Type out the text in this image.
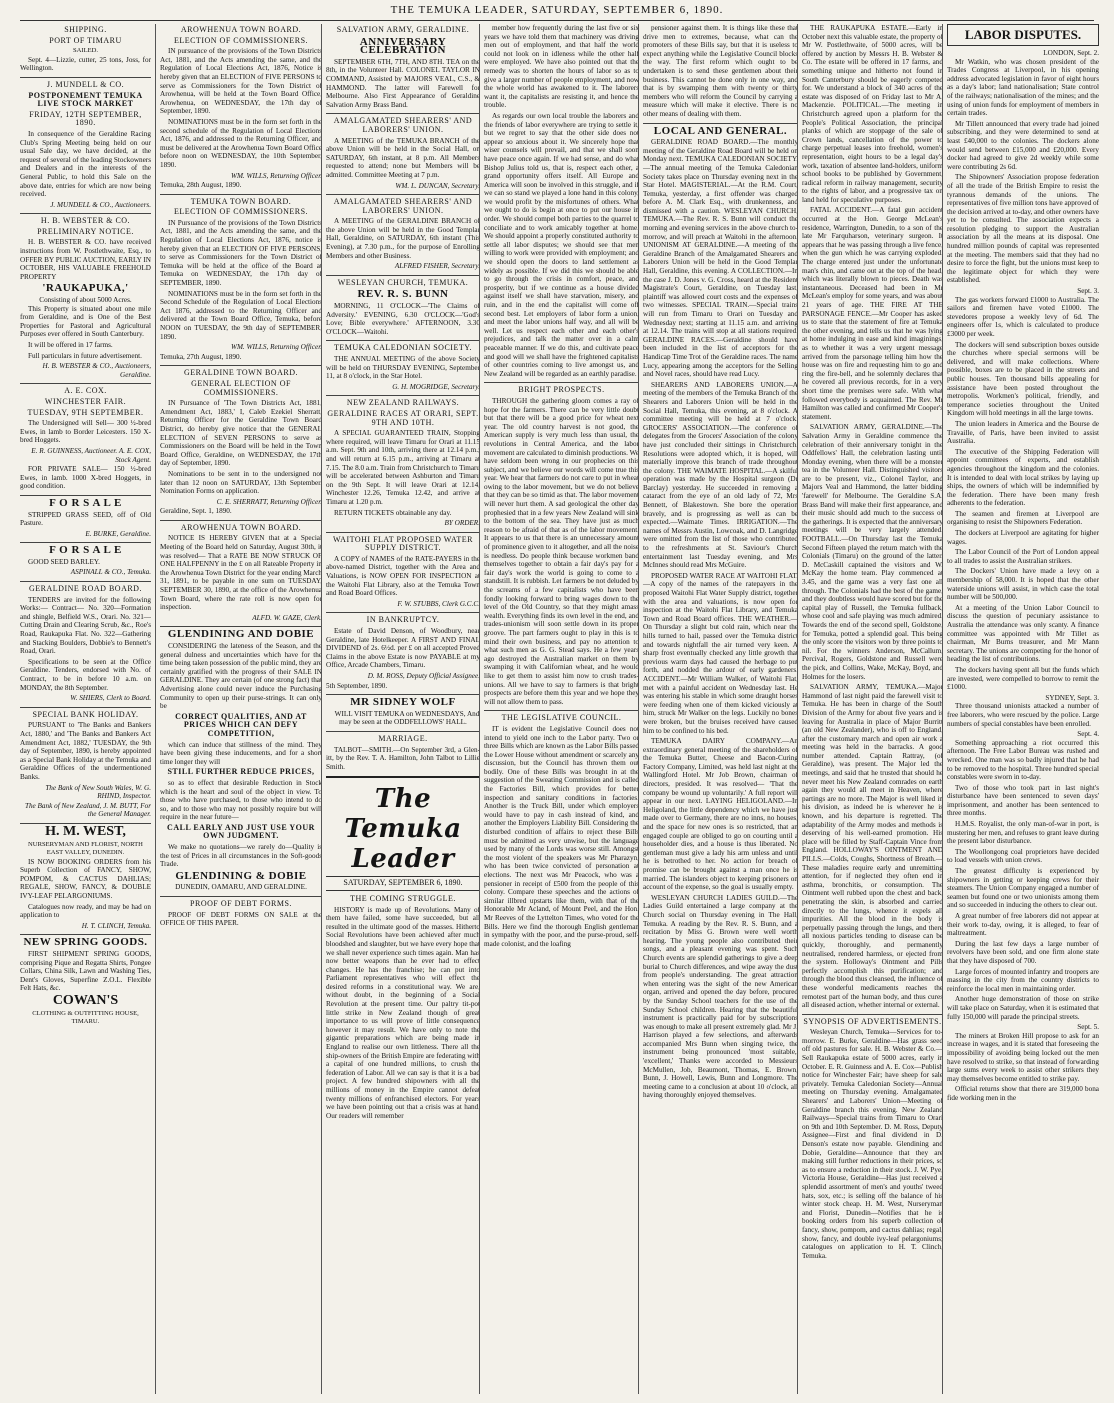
THE TEMUKA LEADER, SATURDAY, SEPTEMBER 6, 1890.
SHIPPING.
PORT OF TIMARU
SAILED.

Sept. 4—Lizzie, cutter, 25 tons, Joss, for Wellington.

J. MUNDELL & CO.
POSTPONEMENT TEMUKA LIVE STOCK MARKET
FRIDAY, 12TH SEPTEMBER, 1890.

In consequence of the Geraldine Racing Club's Spring Meeting being held on our usual Sale day, we have decided, at the request of several of the leading Stockowners and Dealers and in the interests of the General Public, to hold this Sale on the above date, entries for which are now being received.

J. MUNDELL & CO., Auctioneers.
H. B. WEBSTER & CO.
PRELIMINARY NOTICE.

H. B. WEBSTER & CO. have received instructions from W. Postlethwaite, Esq., to OFFER BY PUBLIC AUCTION, EARLY IN OCTOBER, HIS VALUABLE FREEHOLD PROPERTY

'RAUKAPUKA,'
Consisting of about 5000 Acres.

This Property is situated about one mile from Geraldine, and is One of the Best Properties for Pastoral and Agricultural Purposes ever offered in South Canterbury.

It will be offered in 17 farms.

Full particulars in future advertisement.

H. B. WEBSTER & CO., Auctioneers, Geraldine.
A. E. COX.
WINCHESTER FAIR.
TUESDAY, 9TH SEPTEMBER.

The Undersigned will Sell— 300 ½-bred Ewes, in lamb to Border Leicesters. 150 X-bred Hoggets.

E. R. GUINNESS, Auctioneer. A. E. COX, Stock Agent.

FOR PRIVATE SALE— 150 ½-bred Ewes, in lamb. 1000 X-bred Hoggets, in good condition.

F O R S A L E

STRIPPED GRASS SEED, off of Old Pasture.

E. BURKE, Geraldine.
F O R S A L E

GOOD SEED BARLEY.

ASPINALL & CO., Temuka.
GERALDINE ROAD BOARD.

TENDERS are invited for the following Works:— Contract— No. 320—Formation and shingle, Belfield W.S., Orari. No. 321—Cutting Drain and Clearing Scrub, &c., Roe's Road, Raukapuka Flat. No. 322—Gathering and Stacking Boulders, Dobbie's to Bennett's Road, Orari.

Specifications to be seen at the Office Geraldine. Tenders, endorsed with No. of Contract, to be in before 10 a.m. on MONDAY, the 8th September.

W. SHIERS, Clerk to Board.
SPECIAL BANK HOLIDAY.

PURSUANT to 'The Banks and Bankers Act, 1880,' and 'The Banks and Bankers Act Amendment Act, 1882,' TUESDAY, the 9th day of September, 1890, is hereby appointed as a Special Bank Holiday at the Temuka and Geraldine Offices of the undermentioned Banks.

The Bank of New South Wales, W. G. RHIND, Inspector.
The Bank of New Zealand, J. M. BUTT, For the General Manager.
H. M. WEST,
NURSERYMAN AND FLORIST, NORTH EAST VALLEY, DUNEDIN.

IS NOW BOOKING ORDERS from his Superb Collection of FANCY, SHOW, POMPOM, & CACTUS DAHLIAS; REGALE, SHOW, FANCY, & DOUBLE IVY-LEAF PELARGONIUMS.

Catalogues now ready, and may be had on application to

H. T. CLINCH, Temuka.
NEW SPRING GOODS.

FIRST SHIPMENT SPRING GOODS, comprising Pique and Regatta Shirts, Pongee Collars, China Silk, Lawn and Washing Ties, Dent's Gloves, Superfine Z.O.L. Flexible Felt Hats, &c.

COWAN'S
CLOTHING & OUTFITTING HOUSE, TIMARU.
AROWHENUA TOWN BOARD.
ELECTION OF COMMISSIONERS.

IN pursuance of the provisions of the Town Districts Act, 1881, and the Acts amending the same, and the Regulation of Local Elections Act, 1876, Notice is hereby given that an ELECTION of FIVE PERSONS to serve as Commissioners for the Town District of Arowhenua, will be held at the Town Board Office, Arowhenua, on WEDNESDAY, the 17th day of September, 1890.

NOMINATIONS must be in the form set forth in the second schedule of the Regulation of Local Elections Act, 1876, and addressed to the Returning Officer, and must be delivered at the Arowhenua Town Board Office before noon on WEDNESDAY, the 10th September, 1890.

WM. WILLS, Returning Officer.
Temuka, 28th August, 1890.
TEMUKA TOWN BOARD.
ELECTION OF COMMISSIONERS.

IN Pursuance of the provisions of the Town Districts Act, 1881, and the Acts amending the same, and the Regulation of Local Elections Act, 1876, notice is hereby given that an ELECTION OF FIVE PERSONS, to serve as Commissioners for the Town District of Temuka will be held at the office of the Board at Temuka on WEDNESDAY, the 17th day of SEPTEMBER, 1890.

NOMINATIONS must be in the form set forth in the Second Schedule of the Regulation of Local Elections Act 1876, addressed to the Returning Officer and delivered at the Town Board Office, Temuka, before NOON on TUESDAY, the 9th day of SEPTEMBER, 1890.

WM. WILLS, Returning Officer.
Temuka, 27th August, 1890.
GERALDINE TOWN BOARD.
GENERAL ELECTION OF COMMISSIONERS.

IN Pursuance of 'The Town Districts Act, 1881, Amendment Act, 1883,' I, Caleb Ezekiel Sherratt, Returning Officer for the Geraldine Town Board District, do hereby give notice that the GENERAL ELECTION of SEVEN PERSONS to serve as Commissioners on the Board will be held in the Town Board Office, Geraldine, on WEDNESDAY, the 17th day of September, 1890.

Nominations to be sent in to the undersigned not later than 12 noon on SATURDAY, 13th September. Nomination Forms on application.

C. E. SHERRATT, Returning Officer.
Geraldine, Sept. 1, 1890.
AROWHENUA TOWN BOARD.

NOTICE IS HEREBY GIVEN that at a Special Meeting of the Board held on Saturday, August 30th, it was resolved— That a RATE BE NOW STRUCK OF ONE HALFPENNY in the £ on all Rateable Property in the Arowhenua Town District for the year ending March 31, 1891, to be payable in one sum on TUESDAY, SEPTEMBER 30, 1890, at the office of the Arowhenua Town Board, where the rate roll is now open for inspection.

ALFD. W. GAZE, Clerk.
GLENDINING AND DOBIE

CONSIDERING the lateness of the Season, and the general dulness and uncertainties which have for the time being taken possession of the public mind, they are certainly gratified with the progress of their SALE IN GERALDINE. They are certain (of one strong fact) that Advertising alone could never induce the Purchasing Community to open up their purse-strings. It can only be

CORRECT QUALITIES, AND AT PRICES WHICH CAN DEFY COMPETITION,

which can induce that stillness of the mind. They have been giving these inducements, and for a short time longer they will

STILL FURTHER REDUCE PRICES,

so as to effect that desirable Reduction in Stock which is the heart and soul of the object in view. To those who have purchased, to those who intend to do so, and to those who may not possibly require but will require in the near future—

CALL EARLY AND JUST USE YOUR OWN JUDGMENT.

We make no quotations—we rarely do—Quality is the test of Prices in all circumstances in the Soft-goods Trade.

GLENDINING & DOBIE
DUNEDIN, OAMARU, AND GERALDINE.
PROOF OF DEBT FORMS.

PROOF OF DEBT FORMS ON SALE at the OFFICE OF THIS PAPER.

SALVATION ARMY, GERALDINE.
ANNIVERSARY CELEBRATION

SEPTEMBER 6TH, 7TH, AND 8TH. TEA on the 8th, in the Volunteer Hall. COLONEL TAYLOR IN COMMAND, Assisted by MAJORS VEAL, C.S., & HAMMOND. The latter will Farewell for Melbourne. Also First Appearance of Geraldine Salvation Army Brass Band.

AMALGAMATED SHEARERS' AND LABORERS' UNION.

A MEETING of the TEMUKA BRANCH of the above Union will be held in the Social Hall, on SATURDAY, 6th instant, at 8 p.m. All Members requested to attend; none but Members will be admitted. Committee Meeting at 7 p.m.

WM. L. DUNCAN, Secretary.
AMALGAMATED SHEARERS' AND LABORERS' UNION.

A MEETING of the GERALDINE BRANCH of the above Union will be held in the Good Templar Hall, Geraldine, on SATURDAY, 6th instant (This Evening), at 7.30 p.m., for the purpose of Enrolling Members and other Business.

ALFRED FISHER, Secretary.
WESLEYAN CHURCH, TEMUKA.
REV. R. S. BUNN

MORNING, 11 O'CLOCK—'The Claims of Adversity.' EVENING, 6.30 O'CLOCK—'God's Love; Bible everywhere.' AFTERNOON, 3.30 O'CLOCK—Waitohi.

TEMUKA CALEDONIAN SOCIETY.

THE ANNUAL MEETING of the above Society will be held on THURSDAY EVENING, September 11, at 8 o'clock, in the Star Hotel.

G. H. MOGRIDGE, Secretary.
NEW ZEALAND RAILWAYS.
GERALDINE RACES AT ORARI, SEPT. 9TH AND 10TH.

A SPECIAL GUARANTEED TRAIN, Stopping where required, will leave Timaru for Orari at 11.15 a.m. Sept. 9th and 10th, arriving there at 12.14 p.m.; and will return at 6.15 p.m., arriving at Timaru at 7.15. The 8.0 a.m. Train from Christchurch to Timaru will be accelerated between Ashburton and Timaru on the 9th Sept. It will leave Orari at 12.14, Winchester 12.26, Temuka 12.42, and arrive at Timaru at 1.20 p.m.

RETURN TICKETS obtainable any day.

BY ORDER.
WAITOHI FLAT PROPOSED WATER SUPPLY DISTRICT.

A COPY of NAMES of the RATE-PAYERS in the above-named District, together with the Area and Valuations, is NOW OPEN FOR INSPECTION at the Waitohi Flat Library, also at the Temuka Town and Road Board Offices.

F. W. STUBBS, Clerk G.C.C.
IN BANKRUPTCY.

Estate of David Denson, of Woodbury, near Geraldine, late Hotelkeeper. A FIRST AND FINAL DIVIDEND of 2s. 6½d. per £ on all accepted Proved Claims in the above Estate is now PAYABLE at my Office, Arcade Chambers, Timaru.

D. M. ROSS, Deputy Official Assignee.
5th September, 1890.
MR SIDNEY WOLF

WILL VISIT TEMUKA on WEDNESDAYS, And may be seen at the ODDFELLOWS' HALL.

MARRIAGE.

TALBOT—SMITH.—On September 3rd, a Glen-itt, by the Rev. T. A. Hamilton, John Talbot to Lillie Smith.

The Temuka Leader
SATURDAY, SEPTEMBER 6, 1890.
THE COMING STRUGGLE.

HISTORY is made up of Revolutions. Many of them have failed, some have succeeded, but all resulted in the ultimate good of the masses. Hitherto Social Revolutions have been achieved after much bloodshed and slaughter, but we have every hope that we shall never experience such times again. Man has now better weapons than he ever had to effect changes. He has the franchise; he can put into Parliament representatives who will effect the desired reforms in a constitutional way. We are, without doubt, in the beginning of a Social Revolution at the present time. Our paltry tit-pot little strike in New Zealand though of great importance to us will prove of little consequence however it may result. We have only to note the gigantic preparations which are being made in England to realise our own littleness. There all the ship-owners of the British Empire are federating with a capital of one hundred millions, to crush the federation of Labor. All we can say is that it is a bad project. A few hundred shipowners with all the millions of money in the Empire cannot defeat twenty millions of enfranchised electors. For years we have been pointing out that a crisis was at hand. Our readers will remember

member how frequently during the last five or six years we have told them that machinery was driving men out of employment, and that half the world could not look on in idleness while the other half were employed. We have also pointed out that the remedy was to shorten the hours of labor so as to give a larger number of people employment, and now the whole world has awakened to it. The laborers want it, the capitalists are resisting it, and hence the trouble.

As regards our own local trouble the laborers and the friends of labor everywhere are trying to settle it, but we regret to say that the other side does not appear so anxious about it. We sincerely hope that wiser counsels will prevail, and that we shall soon have peace once again. If we had sense, and do what Bishop Julius told us, that is, respect each other, a grand opportunity offers itself. All Europe and America will soon be involved in this struggle, and if we can so stand we played a lone hand in this colony, we would profit by the misfortunes of others. What we ought to do is begin at once to put our house in order. We should compel both parties to the quarrel to conciliate and to work amicably together at home. We should appoint a properly constituted authority to settle all labor disputes; we should see that men willing to work were provided with employment; and we should open the doors to land settlement as widely as possible. If we did this we should be able to go through the crisis in comfort, peace, and prosperity, but if we continue as a house divided against itself we shall have starvation, misery, and ruin, and in the end the capitalist will come off second best. Let employers of labor form a union, and meet the labor unions half way, and all will be well. Let us respect each other and each other's prejudices, and talk the matter over in a calm peaceable manner. If we do this, and cultivate peace and good will we shall have the frightened capitalists of other countries coming to live amongst us, and New Zealand will be regarded as an earthly paradise.

BRIGHT PROSPECTS.

THROUGH the gathering gloom comes a ray of hope for the farmers. There can be very little doubt but that there will be a good price for wheat next year. The old country harvest is not good, the American supply is very much less than usual, the revolutions in Central America, and the labor movement are calculated to diminish productions. We have seldom been wrong in our prophecies on this subject, and we believe our words will come true this year. We hear that farmers do not care to put in wheat owing to the labor movement, but we do not believe that they can be so timid as that. The labor movement will never hurt them. A sad geological the other day prophesied that in a few years New Zealand will sink to the bottom of the sea. They have just as much reason to be afraid of that as of the labor movement. It appears to us that there is an unnecessary amount of prominence given to it altogether, and all the noise is needless. Do people think because workmen band themselves together to obtain a fair day's pay for a fair day's work the world is going to come to a standstill. It is rubbish. Let farmers be not deluded by the screams of a few capitalists who have been fondly looking forward to bring wages down to the level of the Old Country, so that they might amass wealth. Everything finds its own level in the end, and trades-unionism will soon settle down in its proper groove. The part farmers ought to play in this is to mind their own business, and pay no attention to what such men as G. G. Stead says. He a few years ago destroyed the Australian market on them by swamping it with Californian wheat, and he would like to get them to assist him now to crush trades-unions. All we have to say to farmers is that bright prospects are before them this year and we hope they will not allow them to pass.

THE LEGISLATIVE COUNCIL.

IT is evident the Legislative Council does not intend to yield one inch to the Labor party. Two or three Bills which are known as the Labor Bills passed the Lower House without amendment or scarcely any discussion, but the Council has thrown them out bodily. One of these Bills was brought in at the suggestion of the Sweating Commission and is called the Factories Bill, which provides for better inspection and sanitary conditions in factories. Another is the Truck Bill, under which employers would have to pay in cash instead of kind, and another the Employers Liability Bill. Considering the disturbed condition of affairs to reject these Bills must be admitted as very unwise, but the language used by many of the Lords was worse still. Amongst the most violent of the speakers was Mr Pharazyn, who has been twice convicted of personation at elections. The next was Mr Peacock, who was a pensioner in receipt of £500 from the people of this colony. Compare these speeches and the actions of similar illbred upstarts like them, with that of the Honorable Mr Acland, of Mount Peel, and the Hon. Mr Reeves of the Lyttelton Times, who voted for the Bills. Here we find the thorough English gentleman in sympathy with the poor, and the purse-proud, self-made colonist, and the loafing

pensioner against them. It is things like these that drive men to extremes, because, what can the promoters of these Bills say, but that it is useless to expect anything while the Legislative Council blocks the way. The first reform which ought to be undertaken is to send these gentlemen about their business. This cannot be done only in one way, and that is by swamping them with twenty or thirty members who will reform the Council by carrying a measure which will make it elective. There is no other means of dealing with them.

LOCAL AND GENERAL.

GERALDINE ROAD BOARD.—The monthly meeting of the Geraldine Road Board will be held on Monday next. TEMUKA CALEDONIAN SOCIETY.—The annual meeting of the Temuka Caledonian Society takes place on Thursday evening next in the Star Hotel. MAGISTERIAL.—At the R.M. Court, Temuka, yesterday, a first offender was charged before A. M. Clark Esq., with drunkenness, and dismissed with a caution. WESLEYAN CHURCH, TEMUKA.—The Rev. R. S. Bunn will conduct the morning and evening services in the above church to-morrow, and will preach at Waitohi in the afternoon. UNIONISM AT GERALDINE.—A meeting of the Geraldine Branch of the Amalgamated Shearers and Laborers Union will be held in the Good Templar Hall, Geraldine, this evening. A COLLECTION.—In the case J. D. Jones v. G. Cross, heard at the Resident Magistrate's Court, Geraldine, on Tuesday last, plaintiff was allowed court costs and the expenses of two witnesses. SPECIAL TRAIN.—Special trains will run from Timaru to Orari on Tuesday and Wednesday next; starting at 11.15 a.m. and arriving at 12.14. The trains will stop at all stations required. GERALDINE RACES.—Geraldine should have been included in the list of acceptors for the Handicap Time Trot of the Geraldine races. The name Lucy, appearing among the acceptors for the Selling and Novel races, should have read Lucy.

SHEARERS AND LABORERS UNION.—A meeting of the members of the Temuka Branch of the Shearers and Laborers Union will be held in the Social Hall, Temuka, this evening, at 8 o'clock. A committee meeting will be held at 7 o'clock. GROCERS' ASSOCIATION.—The conference of delegates from the Grocers' Association of the colony have just concluded their sittings in Christchurch. Resolutions were adopted which, it is hoped, will materially improve this branch of trade throughout the colony. THE WAIMATE HOSPITAL.—A skilful operation was made by the Hospital surgeon (Dr Barclay) yesterday. He succeeded in removing a cataract from the eye of an old lady of 72, Mrs Bennett, of Blakestown. She bore the operation bravely, and is progressing as well as can be expected.—Waimate Times. IRRIGATION.—The names of Messrs Austin, Lowcoak, and D. Langridge were omitted from the list of those who contributed to the refreshments at St. Saviour's Church entertainment last Tuesday evening, and Mrs McInnes should read Mrs McGuire.

PROPOSED WATER RACE AT WAITOHI FLAT.—A copy of the names of the ratepayers in the proposed Waitohi Flat Water Supply district, together with the area and valuations, is now open for inspection at the Waitohi Flat Library, and Temuka Town and Road Board offices. THE WEATHER.—On Thursday a slight but cold rain, which near the hills turned to hail, passed over the Temuka district and towards nightfall the air turned very keen. A sharp frost eventually checked any little growth that previous warm days had caused the herbage to put forth, and nodded the ardour of early gardeners. ACCIDENT.—Mr William Walker, of Waitohi Flat, met with a painful accident on Wednesday last. He was entering his stable in which some draught horses were feeding when one of them kicked viciously at him, struck Mr Walker on the legs. Luckily no bones were broken, but the bruises received have caused him to be confined to his bed.

TEMUKA DAIRY COMPANY.—An extraordinary general meeting of the shareholders of the Temuka Butter, Cheese and Bacon-Curing Factory Company, Limited, was held last night at the Wallingford Hotel. Mr Job Brown, chairman of directors, presided. It was resolved— 'That the company be wound up voluntarily.' A full report will appear in our next. LAYING HELIGOLAND.—In Heligoland, the little dependency which we have just made over to Germany, there are no inns, no houses, and the space for new ones is so restricted, that an engaged couple are obliged to go on courting until a householder dies, and a house is thus liberated. No gentleman must give a lady his arm unless and until he is betrothed to her. No action for breach of promise can be brought against a man once he is married. The islanders object to keeping prisoners on account of the expense, so the goal is usually empty.

WESLEYAN CHURCH LADIES GUILD.—The Ladies Guild entertained a large company at the Church social on Thursday evening in The Hall, Temuka. A reading by the Rev. R. S. Bunn, and a recitation by Miss G. Brown were well worth hearing. The young people also contributed their songs, and a pleasant evening was spent. Such Church events are splendid gatherings to give a deep burial to Church differences, and wipe away the dust from people's understanding. The great attraction when entering was the sight of the new American organ, arrived and opened the day before, procured by the Sunday School teachers for the use of the Sunday School children. Hearing that the beautiful instrument is practically paid for by subscriptions was enough to make all present extremely glad. Mr J. Harrison played a few selections, and afterwards accompanied Mrs Bunn when singing twice, the instrument being pronounced 'most suitable,' 'excellent,' Thanks were accorded to Messieurs McMullen, Job, Beaumont, Thomas, E. Brown, Bunn, J. Howell, Lewis, Bunn and Longmore. The meeting came to a conclusion at about 10 o'clock, all having thoroughly enjoyed themselves.

THE RAUKAPUKA ESTATE.—Early in October next this valuable estate, the property of Mr W. Postlethwaite, of 5000 acres, will be offered by auction by Messrs H. B. Webster & Co. The estate will be offered in 17 farms, and something unique and hitherto not found in South Canterbury should be eagerly competed for. We understand a block of 340 acres of the estate was disposed of on Friday last to Mr A. Mackenzie. POLITICAL.—The meeting in Christchurch agreed upon a platform for the People's Political Association, the principal planks of which are stoppage of the sale of Crown lands, cancellation of the power to charge perpetual leases into freehold, women's representation, eight hours to be a legal day's work, taxation of absentee land-holders, uniform school books to be published by Government, radical reform in railway management, security to the rights of labor, and a progressive tax on land held for speculative purposes.

FATAL ACCIDENT.—A fatal gun accident occurred at the Hon. George McLean's residence, Warrington, Dunedin, to a son of the late Mr Farquharson, veterinary surgeon. It appears that he was passing through a live fence, when the gun which he was carrying exploded. The charge entered just under the unfortunate man's chin, and came out at the top of the head, which was literally blown to pieces. Death was instantaneous. Deceased had been in Mr McLean's employ for some years, and was about 21 years of age. THE FIRE AT THE PARSONAGE FENCE.—Mr Cooper has asked us to state that the statement of fire at Temuka the other evening, and tells us that he was lying at home indulging in ease and kind imaginings, as to whether it was a very urgent message arrived from the parsonage telling him how the house was on fire and requesting him to go and ring the fire-bell, and he solemnly declares that he covered all previous records, for in a very short time the premises were safe. With what followed everybody is acquainted. The Rev. Mr Hamilton was called and confirmed Mr Cooper's statement.

SALVATION ARMY, GERALDINE.—The Salvation Army in Geraldine commence the celebration of their anniversary tonight in the Oddfellows' Hall, the celebration lasting until Monday evening, when there will be a monster tea in the Volunteer Hall. Distinguished visitors are to be present, viz., Colonel Taylor, and Majors Veal and Hammond, the latter bidding 'farewell' for Melbourne. The Geraldine S.A. Brass Band will make their first appearance, and their music should add much to the success of the gatherings. It is expected that the anniversary meetings will be very largely attended. FOOTBALL.—On Thursday last the Temuka Second Fifteen played the return match with the Colonials (Timaru) on the ground of the latter. D. McCaskill captained the visitors and W. McKay the home team. Play commenced at 3.45, and the game was a very fast one all through. The Colonials had the best of the game, and they doubtless would have scored but for the capital play of Russell, the Temuka fullback, whose cool and safe playing was much admired. Towards the end of the second spell, Goldstone, for Temuka, potted a splendid goal. This being the only score the visitors won by three points to nil. For the winners Anderson, McCallum, Percival, Rogers, Goldstone and Russell were the pick, and Collins, Wake, McKay, Boyd, and Holmes for the losers.

SALVATION ARMY, TEMUKA.—Major Hammond of last night paid the farewell visit to Temuka. He has been in charge of the South Division of the Army for about five years and is leaving for Australia in place of Major Burritt (an old New Zealander), who is off to England, after the customary march and open air work a meeting was held in the barracks. A good number attended. Captain Rattray, (of Geraldine), was present. The Major led the meetings, and said that he trusted that should he never meet his New Zealand comrades on earth again they would all meet in Heaven, where partings are no more. The Major is well liked in his division, as indeed he is wherever he is known, and his departure is regretted. The adaptability of the Army modes and methods is deserving of his well-earned promotion. His place will be filled by Staff-Captain Vince from England. HOLLOWAY'S OINTMENT AND PILLS.—Colds, Coughs, Shortness of Breath.—These maladies require early and unremitting attention, for if neglected they often end in asthma, bronchitis, or consumption. The Ointment well rubbed upon the chest and back, penetrating the skin, is absorbed and carried directly to the lungs, whence it expels all impurities. All the blood in the body is perpetually passing through the lungs, and there all noxious particles tending to disease can be quickly, thoroughly, and permanently neutralised, rendered harmless, or ejected from the system. Holloway's Ointment and Pills perfectly accomplish this purification; and through the blood thus cleansed, the influence of these wonderful medicaments reaches the remotest part of the human body, and thus cures all diseased action, whether internal or external.

SYNOPSIS OF ADVERTISEMENTS.

Wesleyan Church, Temuka—Services for to-morrow. E. Burke, Geraldine—Has grass seed off old pastures for sale. H. B. Webster & Co.—Sell Raukapuka estate of 5000 acres, early in October. E. R. Guinness and A. E. Cox—Publish notice for Winchester Fair; have sheep for sale privately. Temuka Caledonian Society—Annual meeting on Thursday evening. Amalgamated Shearers' and Laborers' Union—Meeting of Geraldine branch this evening. New Zealand Railways—Special trains from Timaru to Orari on 9th and 10th September. D. M. Ross, Deputy Assignee—First and final dividend in D. Denson's estate now payable. Glendining and Dobie, Geraldine—Announce that they are making still further reductions in their prices, so as to ensure a reduction in their stock. J. W. Pye, Victoria House, Geraldine—Has just received a splendid assortment of men's and youths' tweed hats, sox, etc.; is selling off the balance of his winter stock cheap. H. M. West, Nurseryman and Florist, Dunedin—Notifies that he is booking orders from his superb collection of fancy, show, pompom, and cactus dahlias; regal, show, fancy, and double ivy-leaf pelargoniums; catalogues on application to H. T. Clinch, Temuka.

LABOR DISPUTES.
LONDON, Sept. 2.

Mr Watkin, who was chosen president of the Trades Congress at Liverpool, in his opening address advocated legislation in favor of eight hours as a day's labor; land nationalisation; State control of the railways; nationalisation of the mines; and the using of union funds for employment of members in certain trades.

Mr Tillett announced that every trade had joined subscribing, and they were determined to send at least £40,000 to the colonies. The dockers alone would send between £15,000 and £20,000. Every docker had agreed to give 2d weekly while some were contributing 2s 6d.

The Shipowners' Association propose federation of all the trade of the British Empire to resist the tyrannous demands of the unions. The representatives of five million tons have approved of the decision arrived at to-day, and other owners have yet to be consulted. The association expects a resolution pledging to support the Australian association by all the means at its disposal. One hundred million pounds of capital was represented at the meeting. The members said that they had no desire to force the fight, but the unions must keep to the legitimate object for which they were established.

Sept. 3.

The gas workers forward £1000 to Australia. The sailors and firemen have voted £1000. The stevedores propose a weekly levy of 6d. The engineers offer 1s, which is calculated to produce £3000 per week.

The dockers will send subscription boxes outside the churches where special sermons will be delivered, and will make collections. Where possible, boxes are to be placed in the streets and public houses. Ten thousand bills appealing for assistance have been posted throughout the metropolis. Workmen's political, friendly, and temperance societies throughout the United Kingdom will hold meetings in all the large towns.

The union leaders in America and the Bourse de Travaille, of Paris, have been invited to assist Australia.

The executive of the Shipping Federation will appoint committees of experts, and establish agencies throughout the kingdom and the colonies. It is intended to deal with local strikes by laying up ships, the owners of which will be indemnified by the federation. There have been many fresh adherents to the federation.

The seamen and firemen at Liverpool are organising to resist the Shipowners Federation.

The dockers at Liverpool are agitating for higher wages.

The Labor Council of the Port of London appeal to all trades to assist the Australian strikers.

The Dockers' Union have made a levy on a membership of 58,000. It is hoped that the other waterside unions will assist, in which case the total number will be 500,000.

At a meeting of the Union Labor Council to discuss the question of pecuniary assistance to Australia the attendance was only scanty. A finance committee was appointed with Mr Tillet as chairman, Mr Burns treasurer, and Mr Mann secretary. The unions are competing for the honor of heading the list of contributions.

The dockers having spent all but the funds which are invested, were compelled to borrow to remit the £1000.

SYDNEY, Sept. 3.

Three thousand unionists attacked a number of free laborers, who were rescued by the police. Large numbers of special constables have been enrolled.

Sept. 4.

Something approaching a riot occurred this afternoon. The Free Labor Bureau was rushed and wrecked. One man was so badly injured that he had to be removed to the hospital. Three hundred special constables were sworn in to-day.

Two of those who took part in last night's disturbance have been sentenced to seven days' imprisonment, and another has been sentenced to three months.

H.M.S. Royalist, the only man-of-war in port, is mustering her men, and refuses to grant leave during the present labor disturbance.

The Woollongong coal proprietors have decided to load vessels with union crews.

The greatest difficulty is experienced by shipowners in getting or keeping crews for their steamers. The Union Company engaged a number of seamen but found one or two unionists among them and so succeeded in inducing the others to clear out.

A great number of free laborers did not appear at their work to-day, owing, it is alleged, to fear of maltreatment.

During the last few days a large number of revolvers have been sold, and one firm alone state that they have disposed of 700.

Large forces of mounted infantry and troopers are massing in the city from the country districts to reinforce the local men in maintaining order.

Another huge demonstration of those on strike will take place on Saturday, when it is estimated that fully 150,000 will parade the principal streets.

Sept. 5.

The miners at Broken Hill propose to ask for an increase in wages, and it is stated that foreseeing the impossibility of avoiding being locked out the men have resolved to strike, so that instead of forwarding large sums every week to assist other strikers they may themselves become entitled to strike pay.

Official returns show that there are 319,000 bona fide working men in the
